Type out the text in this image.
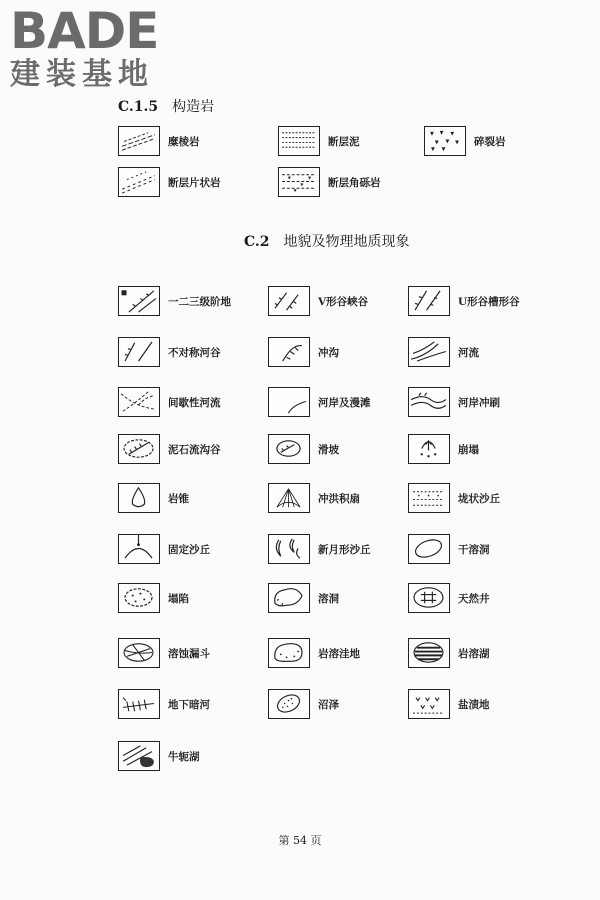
BADE
建装基地
C.1.5 构造岩
糜棱岩	断层泥	碎裂岩
断层片状岩	断层角砾岩
C.2 地貌及物理地质现象
一二三级阶地	V形谷峡谷	U形谷槽形谷
不对称河谷	冲沟	河流
间歇性河流	河岸及漫滩	河岸冲刷
泥石流沟谷	滑坡	崩塌
岩锥	冲洪积扇	垅状沙丘
固定沙丘	新月形沙丘	干溶洞
塌陷	溶洞	天然井
溶蚀漏斗	岩溶洼地	岩溶湖
地下暗河	沼泽	盐渍地
牛轭湖
第 54 页
